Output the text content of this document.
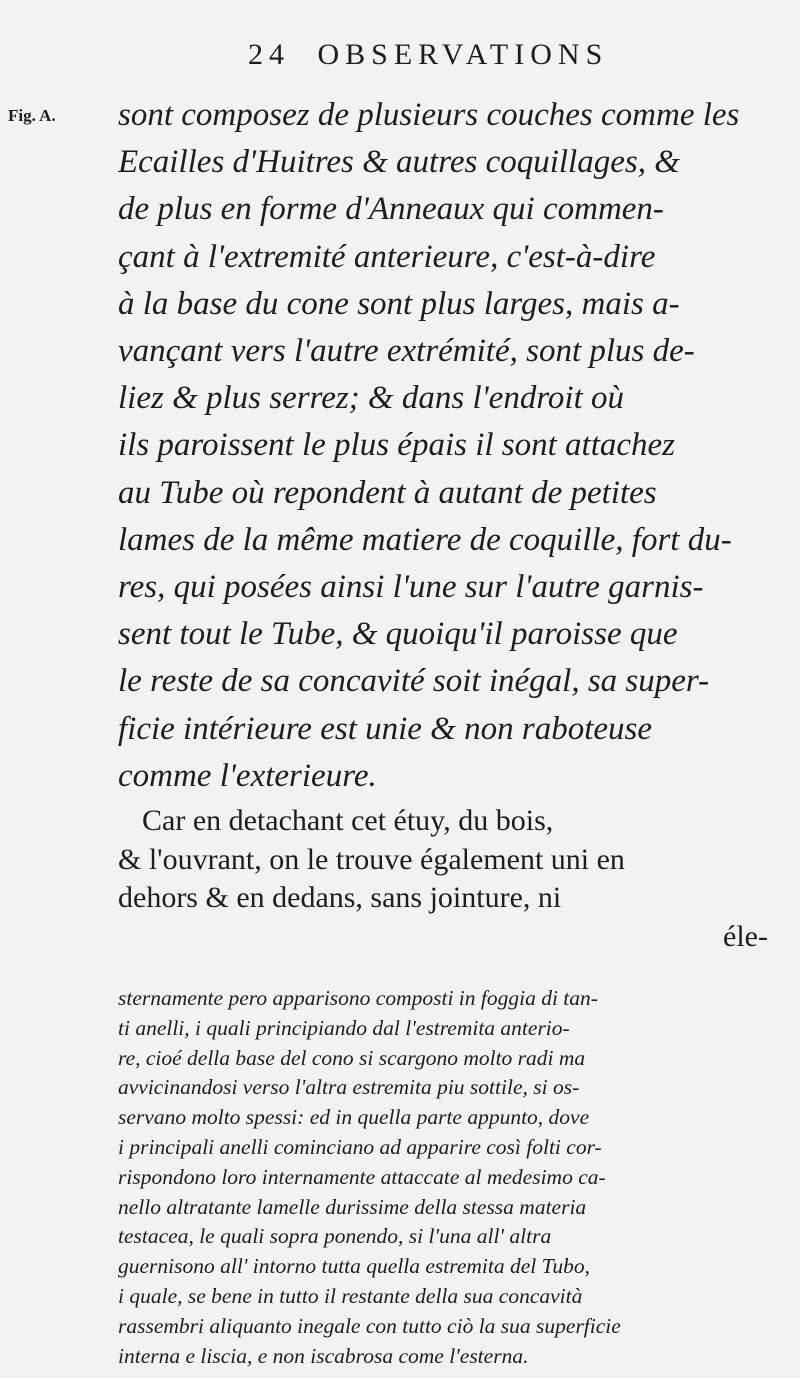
24 OBSERVATIONS
Fig. A. sont composez de plusieurs couches comme les
Ecailles d'Huitres & autres coquillages, &
de plus en forme d'Anneaux qui commen-
çant à l'extremité anterieure, c'est-à-dire
à la base du cone sont plus larges, mais a-
vançant vers l'autre extrémité, sont plus de-
liez & plus serrez; & dans l'endroit où
ils paroissent le plus épais il sont attachez
au Tube où repondent à autant de petites
lames de la même matiere de coquille, fort du-
res, qui posées ainsi l'une sur l'autre garnis-
sent tout le Tube, & quoiqu'il paroisse que
le reste de sa concavité soit inégal, sa super-
ficie intérieure est unie & non raboteuse
comme l'exterieure.
Car en detachant cet étuy, du bois,
& l'ouvrant, on le trouve également uni en
dehors & en dedans, sans jointure, ni
éle-
sternamente pero apparisono composti in foggia di tan-
ti anelli, i quali principiando dal l'estremita anterio-
re, cioé della base del cono si scargono molto radi ma
avvicinandosi verso l'altra estremita piu sottile, si os-
servano molto spessi: ed in quella parte appunto, dove
i principali anelli cominciano ad apparire così folti cor-
rispondono loro internamente attaccate al medesimo ca-
nello altratante lamelle durissime della stessa materia
testacea, le quali sopra ponendo, si l'una all' altra
guernisono all' intorno tutta quella estremita del Tubo,
i quale, se bene in tutto il restante della sua concavità
rassembri aliquanto inegale con tutto ciò la sua superficie
interna e liscia, e non iscabrosa come l'esterna.
